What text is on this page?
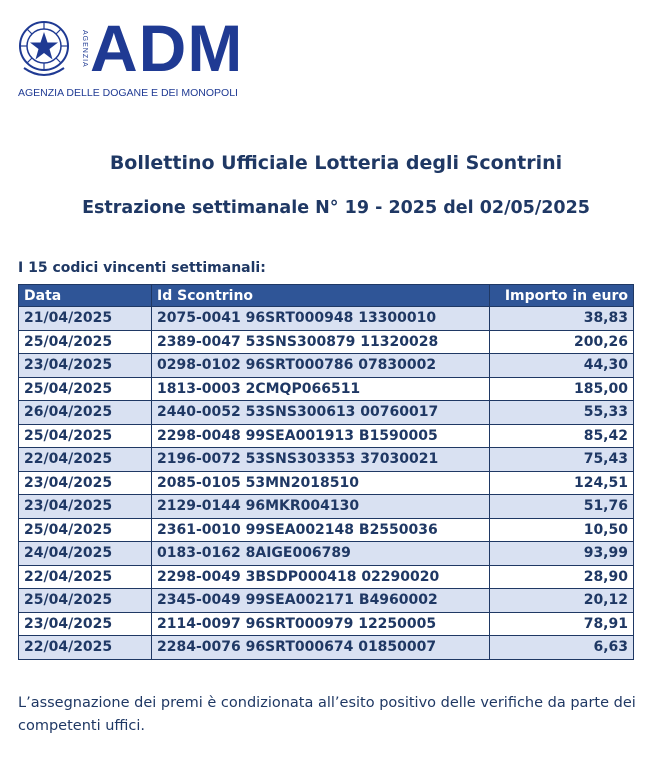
AGENZIA ADM
AGENZIA DELLE DOGANE E DEI MONOPOLI
Bollettino Ufficiale Lotteria degli Scontrini
Estrazione settimanale N° 19 - 2025 del 02/05/2025
I 15 codici vincenti settimanali:
Data	Id Scontrino	Importo in euro
21/04/2025	2075-0041 96SRT000948 13300010	38,83
25/04/2025	2389-0047 53SNS300879 11320028	200,26
23/04/2025	0298-0102 96SRT000786 07830002	44,30
25/04/2025	1813-0003 2CMQP066511	185,00
26/04/2025	2440-0052 53SNS300613 00760017	55,33
25/04/2025	2298-0048 99SEA001913 B1590005	85,42
22/04/2025	2196-0072 53SNS303353 37030021	75,43
23/04/2025	2085-0105 53MN2018510	124,51
23/04/2025	2129-0144 96MKR004130	51,76
25/04/2025	2361-0010 99SEA002148 B2550036	10,50
24/04/2025	0183-0162 8AIGE006789	93,99
22/04/2025	2298-0049 3BSDP000418 02290020	28,90
25/04/2025	2345-0049 99SEA002171 B4960002	20,12
23/04/2025	2114-0097 96SRT000979 12250005	78,91
22/04/2025	2284-0076 96SRT000674 01850007	6,63
L’assegnazione dei premi è condizionata all’esito positivo delle verifiche da parte dei competenti uffici.
